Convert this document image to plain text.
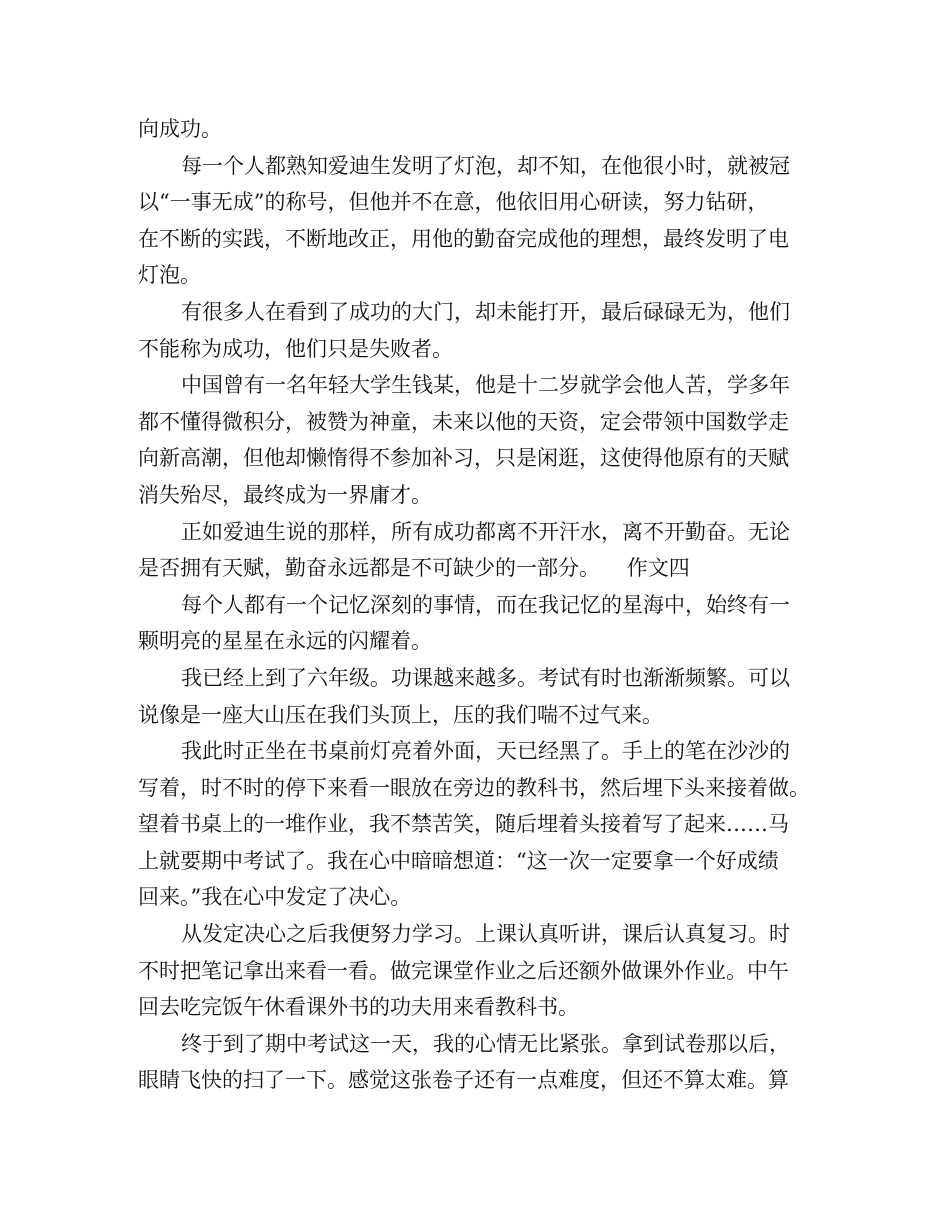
向成功。
每一个人都熟知爱迪生发明了灯泡，却不知，在他很小时，就被冠
以“一事无成”的称号，但他并不在意，他依旧用心研读，努力钻研，
在不断的实践，不断地改正，用他的勤奋完成他的理想，最终发明了电
灯泡。
有很多人在看到了成功的大门，却未能打开，最后碌碌无为，他们
不能称为成功，他们只是失败者。
中国曾有一名年轻大学生钱某，他是十二岁就学会他人苦，学多年
都不懂得微积分，被赞为神童，未来以他的天资，定会带领中国数学走
向新高潮，但他却懒惰得不参加补习，只是闲逛，这使得他原有的天赋
消失殆尽，最终成为一界庸才。
正如爱迪生说的那样，所有成功都离不开汗水，离不开勤奋。无论
是否拥有天赋，勤奋永远都是不可缺少的一部分。    作文四
每个人都有一个记忆深刻的事情，而在我记忆的星海中，始终有一
颗明亮的星星在永远的闪耀着。
我已经上到了六年级。功课越来越多。考试有时也渐渐频繁。可以
说像是一座大山压在我们头顶上，压的我们喘不过气来。
我此时正坐在书桌前灯亮着外面，天已经黑了。手上的笔在沙沙的
写着，时不时的停下来看一眼放在旁边的教科书，然后埋下头来接着做。
望着书桌上的一堆作业，我不禁苦笑，随后埋着头接着写了起来……马
上就要期中考试了。我在心中暗暗想道：“这一次一定要拿一个好成绩
回来。”我在心中发定了决心。
从发定决心之后我便努力学习。上课认真听讲，课后认真复习。时
不时把笔记拿出来看一看。做完课堂作业之后还额外做课外作业。中午
回去吃完饭午休看课外书的功夫用来看教科书。
终于到了期中考试这一天，我的心情无比紧张。拿到试卷那以后，
眼睛飞快的扫了一下。感觉这张卷子还有一点难度，但还不算太难。算
